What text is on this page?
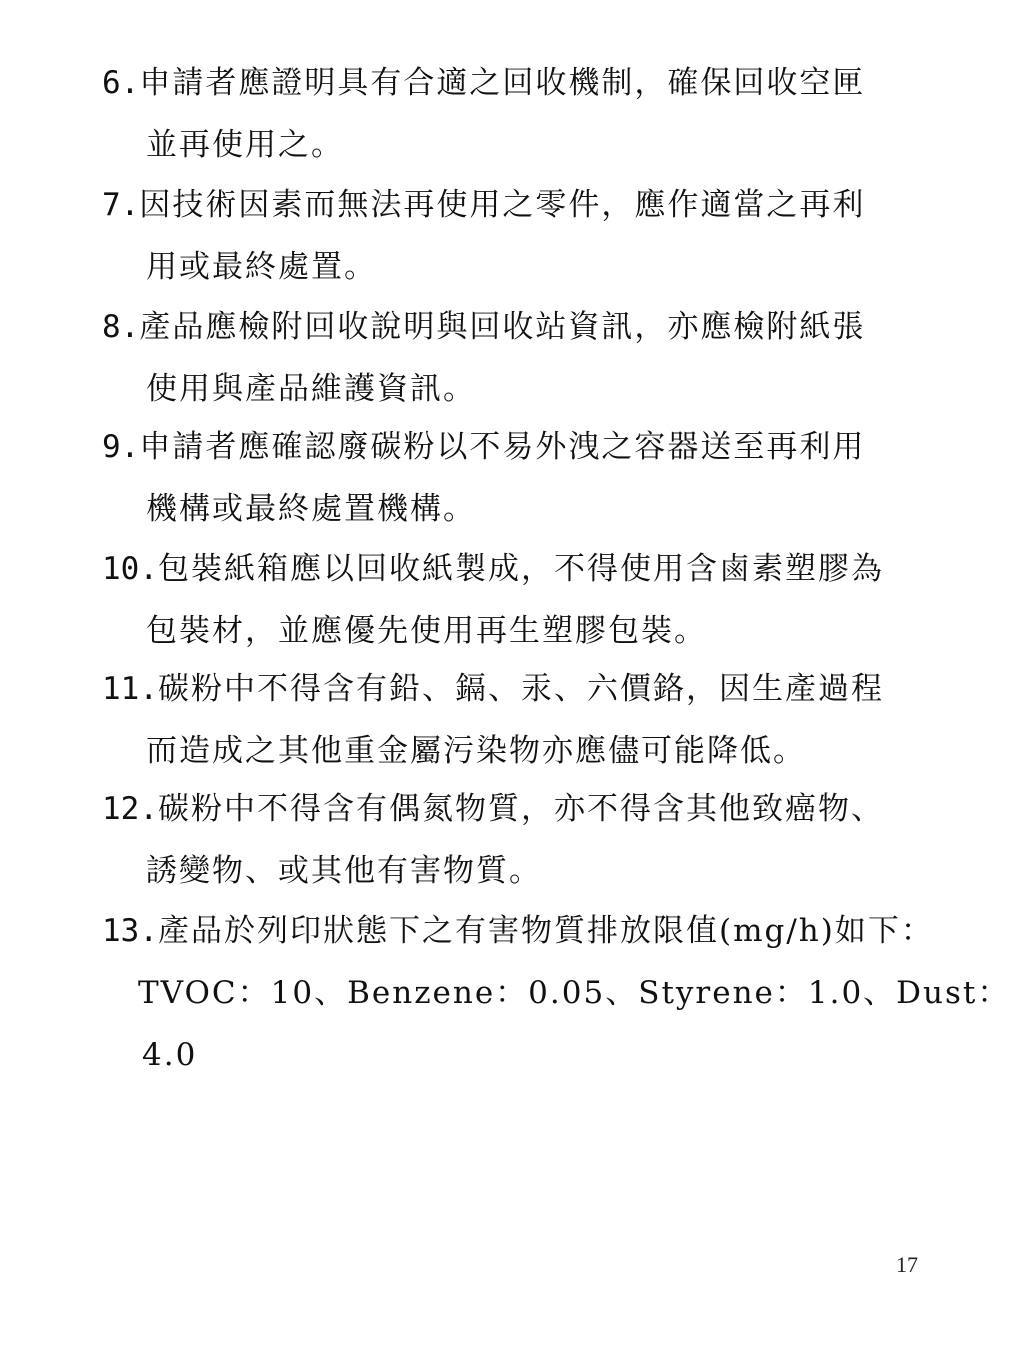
6.申請者應證明具有合適之回收機制，確保回收空匣
並再使用之。
7.因技術因素而無法再使用之零件，應作適當之再利
用或最終處置。
8.產品應檢附回收說明與回收站資訊，亦應檢附紙張
使用與產品維護資訊。
9.申請者應確認廢碳粉以不易外洩之容器送至再利用
機構或最終處置機構。
10.包裝紙箱應以回收紙製成，不得使用含鹵素塑膠為
包裝材，並應優先使用再生塑膠包裝。
11.碳粉中不得含有鉛、鎘、汞、六價鉻，因生產過程
而造成之其他重金屬污染物亦應儘可能降低。
12.碳粉中不得含有偶氮物質，亦不得含其他致癌物、
誘變物、或其他有害物質。
13.產品於列印狀態下之有害物質排放限值(mg/h)如下：
TVOC：10、Benzene：0.05、Styrene：1.0、Dust：
4.0
17
